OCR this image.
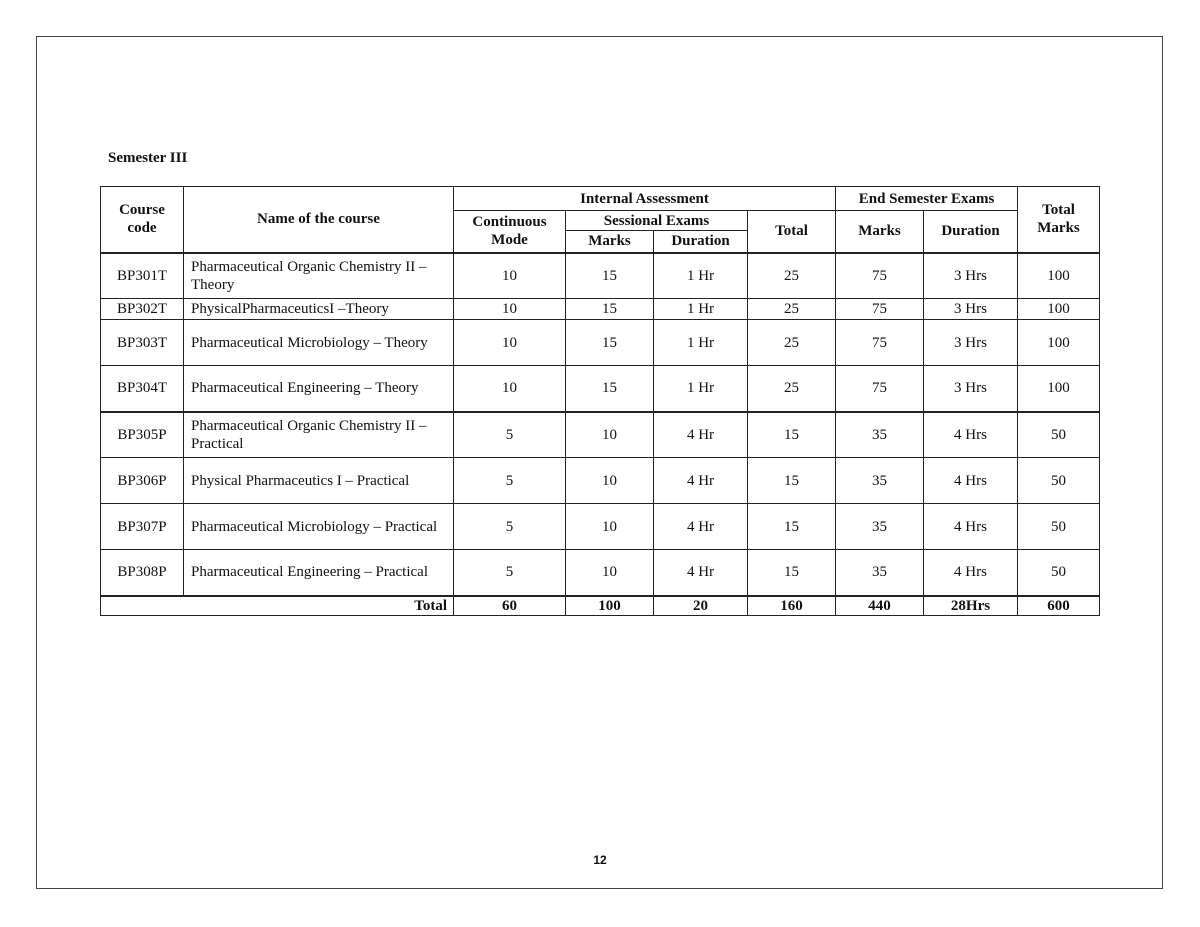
Semester III
Course code	Name of the course	Internal Assessment				End Semester Exams		Total Marks
		Continuous Mode	Sessional Exams		Total	Marks	Duration	
			Marks	Duration				
BP301T	Pharmaceutical Organic Chemistry II – Theory	10	15	1 Hr	25	75	3 Hrs	100
BP302T	PhysicalPharmaceuticsI –Theory	10	15	1 Hr	25	75	3 Hrs	100
BP303T	Pharmaceutical Microbiology – Theory	10	15	1 Hr	25	75	3 Hrs	100
BP304T	Pharmaceutical Engineering – Theory	10	15	1 Hr	25	75	3 Hrs	100
BP305P	Pharmaceutical Organic Chemistry II – Practical	5	10	4 Hr	15	35	4 Hrs	50
BP306P	Physical Pharmaceutics I – Practical	5	10	4 Hr	15	35	4 Hrs	50
BP307P	Pharmaceutical Microbiology – Practical	5	10	4 Hr	15	35	4 Hrs	50
BP308P	Pharmaceutical Engineering – Practical	5	10	4 Hr	15	35	4 Hrs	50
Total		60	100	20	160	440	28Hrs	600
12
